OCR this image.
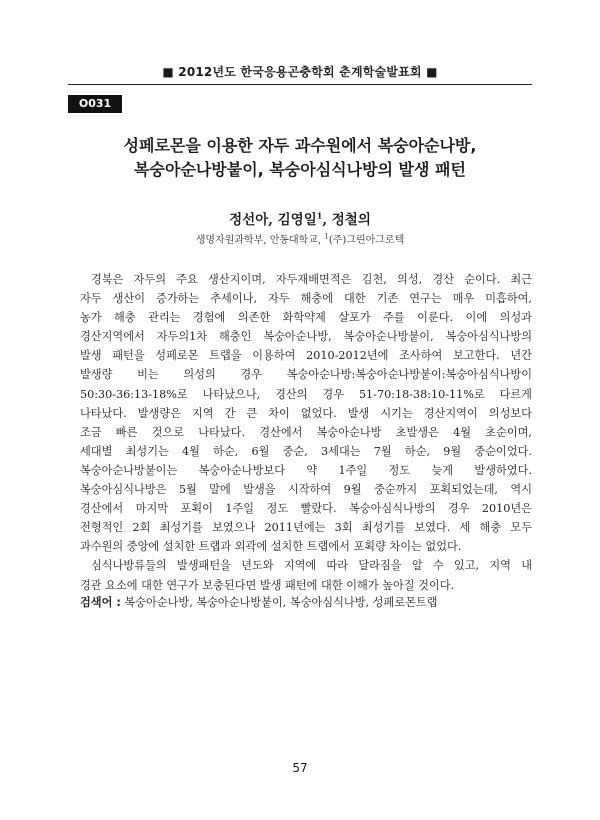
■ 2012년도 한국응용곤충학회 춘계학술발표회 ■
O031
성페로몬을 이용한 자두 과수원에서 복숭아순나방,
복숭아순나방붙이, 복숭아심식나방의 발생 패턴
정선아, 김영일$^1$, 정철의
생명자원과학부, 안동대학교, $^1$(주)그린아그로텍
경북은 자두의 주요 생산지이며, 자두재배면적은 김천, 의성, 경산 순이다. 최근
자두 생산이 증가하는 추세이나, 자두 해충에 대한 기존 연구는 매우 미흡하여,
농가 해충 관리는 경험에 의존한 화학약제 살포가 주를 이룬다. 이에 의성과
경산지역에서 자두의1차 해충인 복숭아순나방, 복숭아순나방붙이, 복숭아심식나방의
발생 패턴을 성페로몬 트랩을 이용하여 2010-2012년에 조사하여 보고한다. 년간
발생량 비는 의성의 경우 복숭아순나방:복숭아순나방붙이:복숭아심식나방이
50:30-36:13-18%로 나타났으나, 경산의 경우 51-70:18-38:10-11%로 다르게
나타났다. 발생량은 지역 간 큰 차이 없었다. 발생 시기는 경산지역이 의성보다
조금 빠른 것으로 나타났다. 경산에서 복숭아순나방 초발생은 4월 초순이며,
세대별 최성기는 4월 하순, 6월 중순, 3세대는 7월 하순, 9월 중순이었다.
복숭아순나방붙이는 복숭아순나방보다 약 1주일 정도 늦게 발생하였다.
복숭아심식나방은 5월 말에 발생을 시작하여 9월 중순까지 포획되었는데, 역시
경산에서 마지막 포획이 1주일 정도 빨랐다. 복숭아심식나방의 경우 2010년은
전형적인 2회 최성기를 보였으나 2011년에는 3회 최성기를 보였다. 세 해충 모두
과수원의 중앙에 설치한 트랩과 외곽에 설치한 트랩에서 포획량 차이는 없었다.
심식나방류들의 발생패턴을 년도와 지역에 따라 달라짐을 알 수 있고, 지역 내
경관 요소에 대한 연구가 보충된다면 발생 패턴에 대한 이해가 높아질 것이다.
검색어 : 복숭아순나방, 복숭아순나방붙이, 복숭아심식나방, 성페로몬트랩
57
